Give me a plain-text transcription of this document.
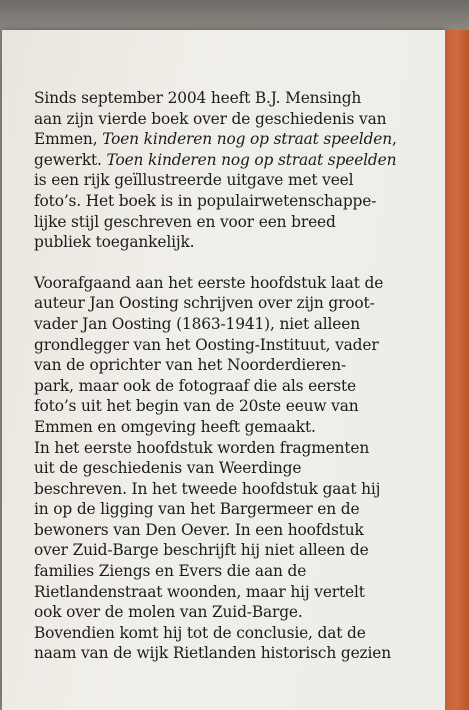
Sinds september 2004 heeft B.J. Mensingh
aan zijn vierde boek over de geschiedenis van
Emmen, Toen kinderen nog op straat speelden,
gewerkt. Toen kinderen nog op straat speelden
is een rijk geïllustreerde uitgave met veel
foto’s. Het boek is in populairwetenschappe-
lijke stijl geschreven en voor een breed
publiek toegankelijk.
Voorafgaand aan het eerste hoofdstuk laat de
auteur Jan Oosting schrijven over zijn groot-
vader Jan Oosting (1863-1941), niet alleen
grondlegger van het Oosting-Instituut, vader
van de oprichter van het Noorderdieren-
park, maar ook de fotograaf die als eerste
foto’s uit het begin van de 20ste eeuw van
Emmen en omgeving heeft gemaakt.
In het eerste hoofdstuk worden fragmenten
uit de geschiedenis van Weerdinge
beschreven. In het tweede hoofdstuk gaat hij
in op de ligging van het Bargermeer en de
bewoners van Den Oever. In een hoofdstuk
over Zuid-Barge beschrijft hij niet alleen de
families Ziengs en Evers die aan de
Rietlandenstraat woonden, maar hij vertelt
ook over de molen van Zuid-Barge.
Bovendien komt hij tot de conclusie, dat de
naam van de wijk Rietlanden historisch gezien
